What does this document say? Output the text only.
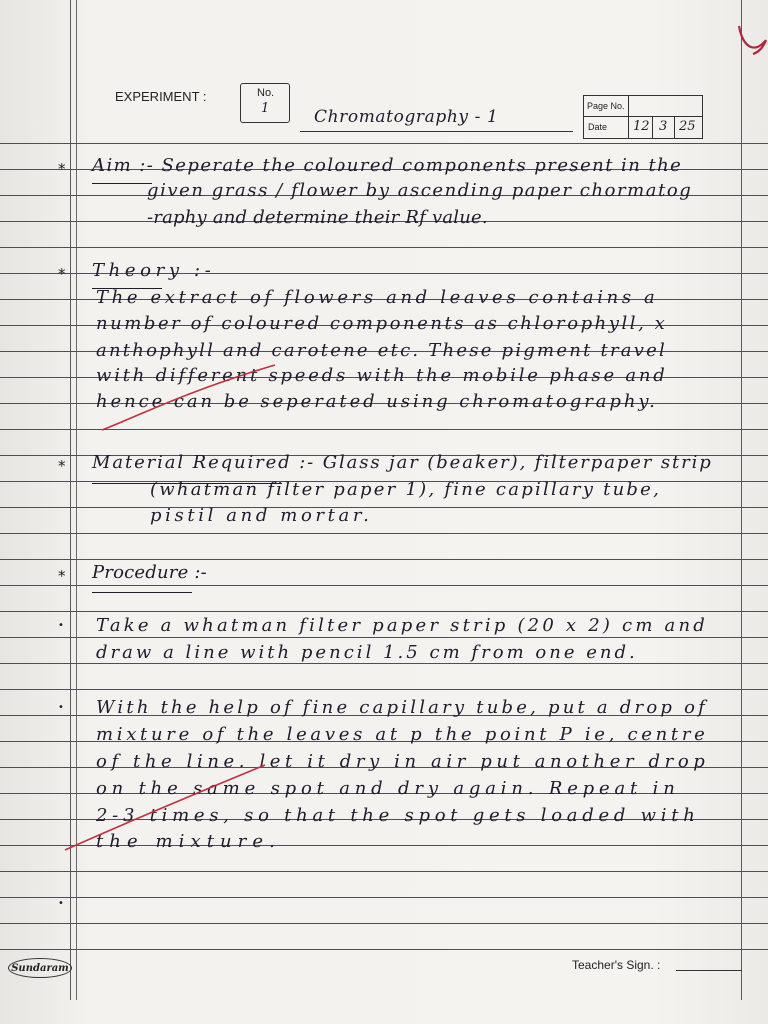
EXPERIMENT :	No.
1	Chromatography - 1
Page No.
Date 12 3 25
* Aim :- Seperate the coloured components present in the
given grass / flower by ascending paper chormatog
-raphy and determine their Rf value.
* Theory :-
The extract of flowers and leaves contains a
number of coloured components as chlorophyll, x
anthophyll and carotene etc. These pigment travel
with different speeds with the mobile phase and
hence can be seperated using chromatography.
* Material Required :- Glass jar (beaker), filterpaper strip
(whatman filter paper 1), fine capillary tube,
pistil and mortar.
* Procedure :-
• Take a whatman filter paper strip (20 x 2) cm and
draw a line with pencil 1.5 cm from one end.
• With the help of fine capillary tube, put a drop of
mixture of the leaves at p the point P ie, centre
of the line. let it dry in air put another drop
on the same spot and dry again. Repeat in
2-3 times, so that the spot gets loaded with
the mixture.
•
Sundaram	Teacher's Sign. :
